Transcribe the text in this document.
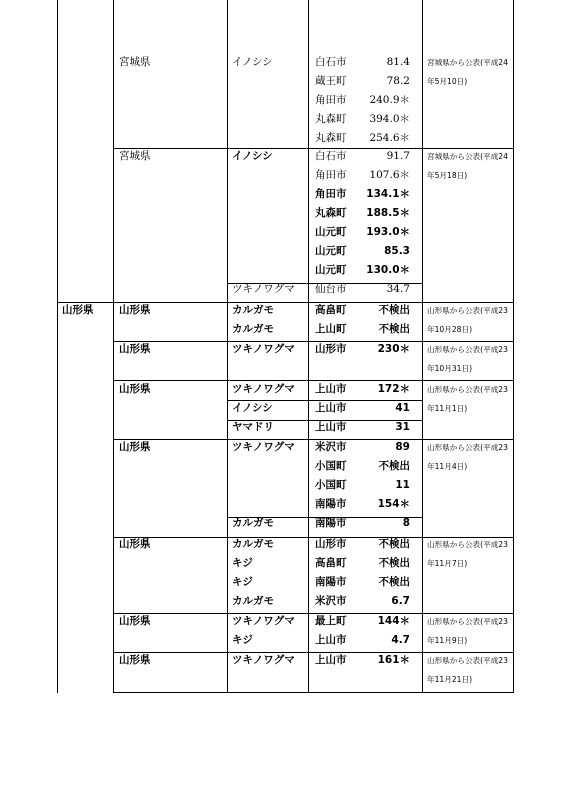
宮城県	イノシシ	白石市	81.4 宮城県から公表(平成24年5月10日)
蔵王町	78.2
角田市	240.9＊
丸森町	394.0＊
丸森町	254.6＊
宮城県	イノシシ	白石市	91.7 宮城県から公表(平成24年5月18日)
角田市	107.6＊
角田市	134.1＊
丸森町	188.5＊
山元町	193.0＊
山元町	85.3
山元町	130.0＊
ツキノワグマ 仙台市	34.7
山形県 山形県	カルガモ	高畠町	不検出 山形県から公表(平成23年10月28日)
カルガモ	上山町	不検出
山形県	ツキノワグマ 山形市	230＊ 山形県から公表(平成23年10月31日)
山形県	ツキノワグマ 上山市	172＊ 山形県から公表(平成23年11月1日)
イノシシ	上山市	41
ヤマドリ	上山市	31
山形県	ツキノワグマ 米沢市	89 山形県から公表(平成23年11月4日)
小国町	不検出
小国町	11
南陽市	154＊
カルガモ	南陽市	8
山形県	カルガモ	山形市	不検出 山形県から公表(平成23年11月7日)
キジ	高畠町	不検出
キジ	南陽市	不検出
カルガモ	米沢市	6.7
山形県	ツキノワグマ 最上町	144＊ 山形県から公表(平成23年11月9日)
キジ	上山市	4.7
山形県	ツキノワグマ 上山市	161＊ 山形県から公表(平成23年11月21日)
